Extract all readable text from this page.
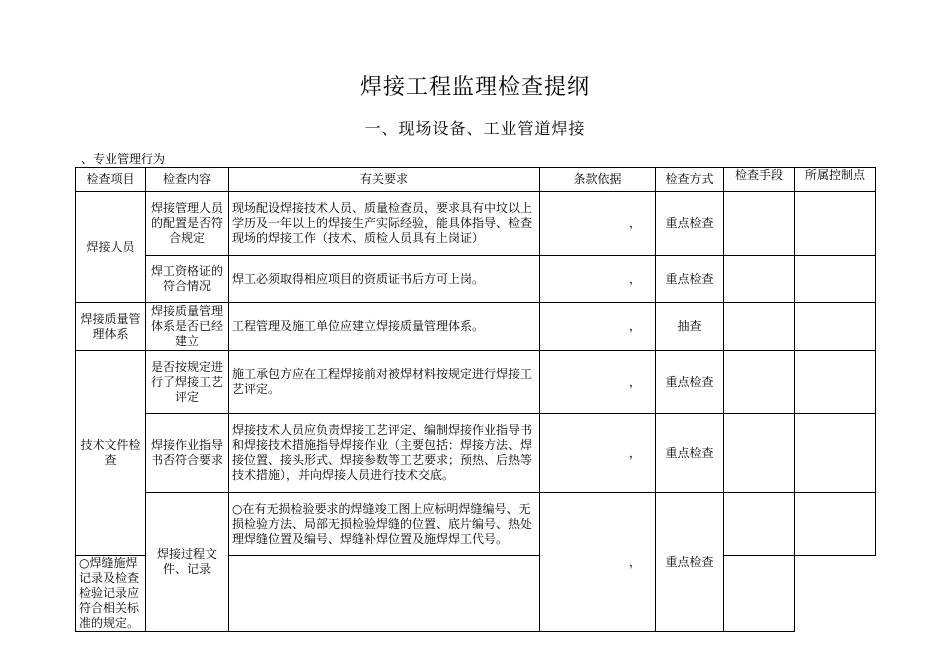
焊接工程监理检查提纲
一、现场设备、工业管道焊接
、专业管理行为
检查项目	检查内容	有关要求	条款依据	检查方式	检查手段	所属控制点
焊接人员	焊接管理人员的配置是否符合规定	现场配设焊接技术人员、质量检查员，要求具有中坟以上学历及一年以上的焊接生产实际经验，能具体指导、检查现场的焊接工作（技术、质检人员具有上岗证）	，	重点检查		
	焊工资格证的符合情况	焊工必须取得相应项目的资质证书后方可上岗。	，	重点检查		
焊接质量管理体系	焊接质量管理体系是否已经建立	工程管理及施工单位应建立焊接质量管理体系。	，	抽查		
技术文件检查	是否按规定进行了焊接工艺评定	施工承包方应在工程焊接前对被焊材料按规定进行焊接工艺评定。	，	重点检查		
	焊接作业指导书否符合要求	焊接技术人员应负责焊接工艺评定、编制焊接作业指导书和焊接技术措施指导焊接作业（主要包括：焊接方法、焊接位置、接头形式、焊接参数等工艺要求；预热、后热等技术措施），并向焊接人员进行技术交底。	，	重点检查		
	焊接过程文件、记录	○在有无损检验要求的焊缝竣工图上应标明焊缝编号、无损检验方法、局部无损检验焊缝的位置、底片编号、热处理焊缝位置及编号、焊缝补焊位置及施焊焊工代号。	，	重点检查		
○焊缝施焊记录及检查检验记录应符合相关标准的规定。						
